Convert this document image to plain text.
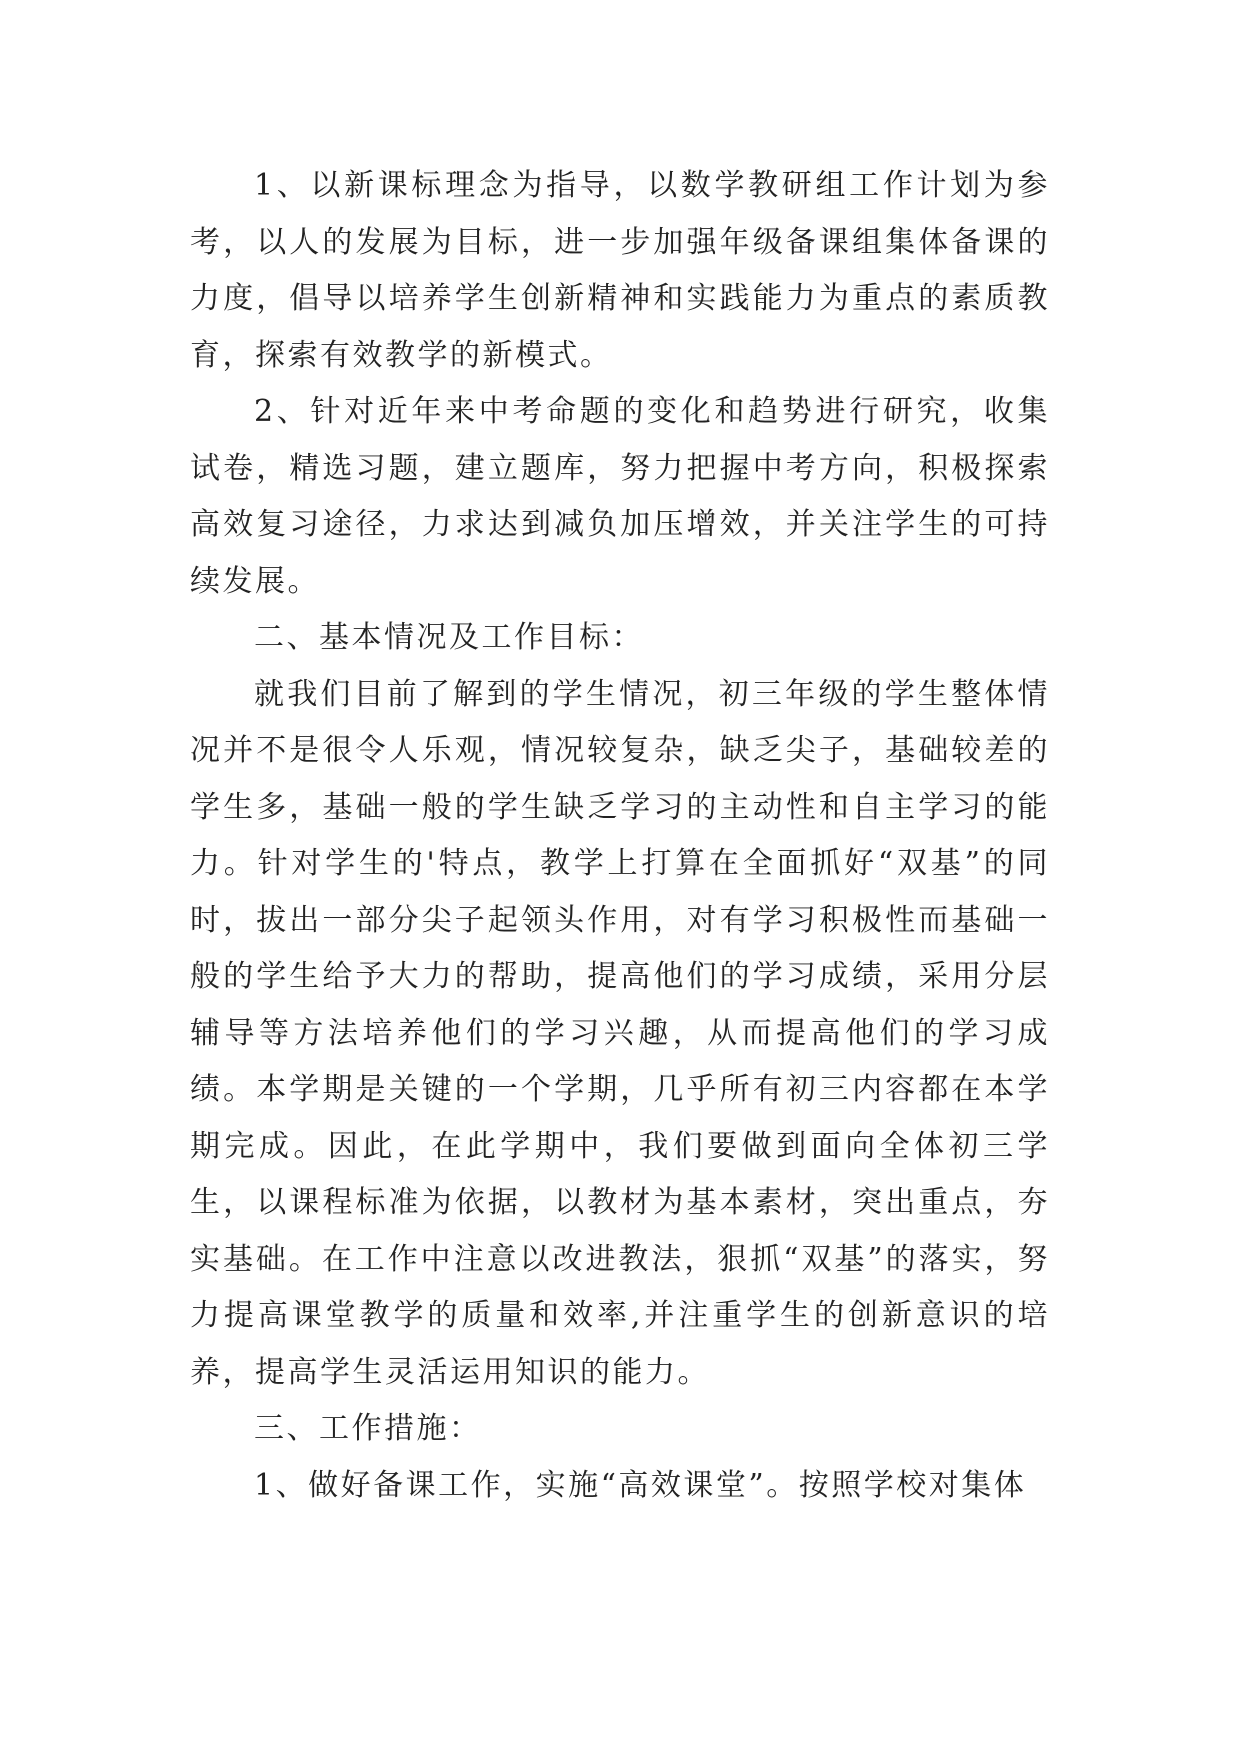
1、以新课标理念为指导，以数学教研组工作计划为参考，以人的发展为目标，进一步加强年级备课组集体备课的力度，倡导以培养学生创新精神和实践能力为重点的素质教育，探索有效教学的新模式。

2、针对近年来中考命题的变化和趋势进行研究，收集试卷，精选习题，建立题库，努力把握中考方向，积极探索高效复习途径，力求达到减负加压增效，并关注学生的可持续发展。

二、基本情况及工作目标：

就我们目前了解到的学生情况，初三年级的学生整体情况并不是很令人乐观，情况较复杂，缺乏尖子，基础较差的学生多，基础一般的学生缺乏学习的主动性和自主学习的能力。针对学生的'特点，教学上打算在全面抓好“双基”的同时，拔出一部分尖子起领头作用，对有学习积极性而基础一般的学生给予大力的帮助，提高他们的学习成绩，采用分层辅导等方法培养他们的学习兴趣，从而提高他们的学习成绩。本学期是关键的一个学期，几乎所有初三内容都在本学期完成。因此，在此学期中，我们要做到面向全体初三学生，以课程标准为依据，以教材为基本素材，突出重点，夯实基础。在工作中注意以改进教法，狠抓“双基”的落实，努力提高课堂教学的质量和效率,并注重学生的创新意识的培养，提高学生灵活运用知识的能力。

三、工作措施：

1、做好备课工作，实施“高效课堂”。按照学校对集体
